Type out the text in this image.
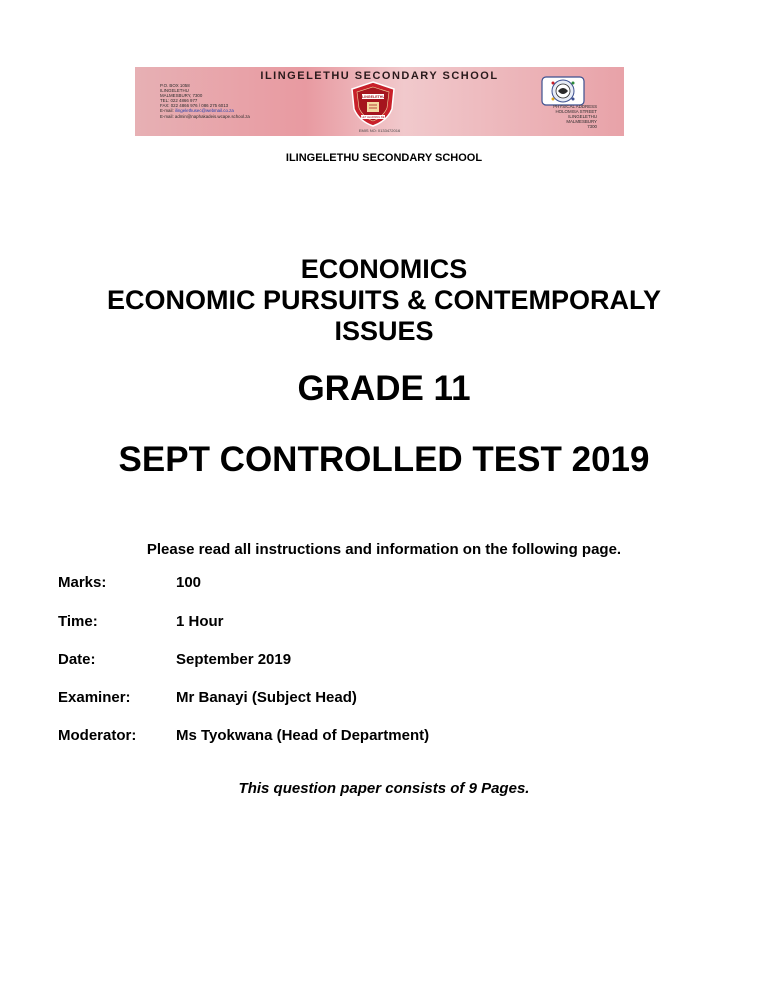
ILINGELETHU SECONDARY SCHOOL
P.O. BOX 1058
ILINGELETHU
MALMESBURY, 7300
TEL: 022 4866 977
FAX: 022 4866 976 / 086 275 6013
E-mail: ilingelethusec@webmail.co.za
E-mail: admin@naphakadeis.wcape.school.za
ILINGELETHU
LET LEARNING BE
PHYSICAL ADDRESS
HOLOMISA STREET
ILINGELETHU
MALMESBURY
7300
EMIS NO: 0133472016
ILINGELETHU SECONDARY SCHOOL
ECONOMICS
ECONOMIC PURSUITS & CONTEMPORALY
ISSUES
GRADE 11
SEPT CONTROLLED TEST 2019
Please read all instructions and information on the following page.
Marks:	100
Time:	1 Hour
Date:	September 2019
Examiner:	Mr Banayi (Subject Head)
Moderator:	Ms Tyokwana (Head of Department)
This question paper consists of 9 Pages.
